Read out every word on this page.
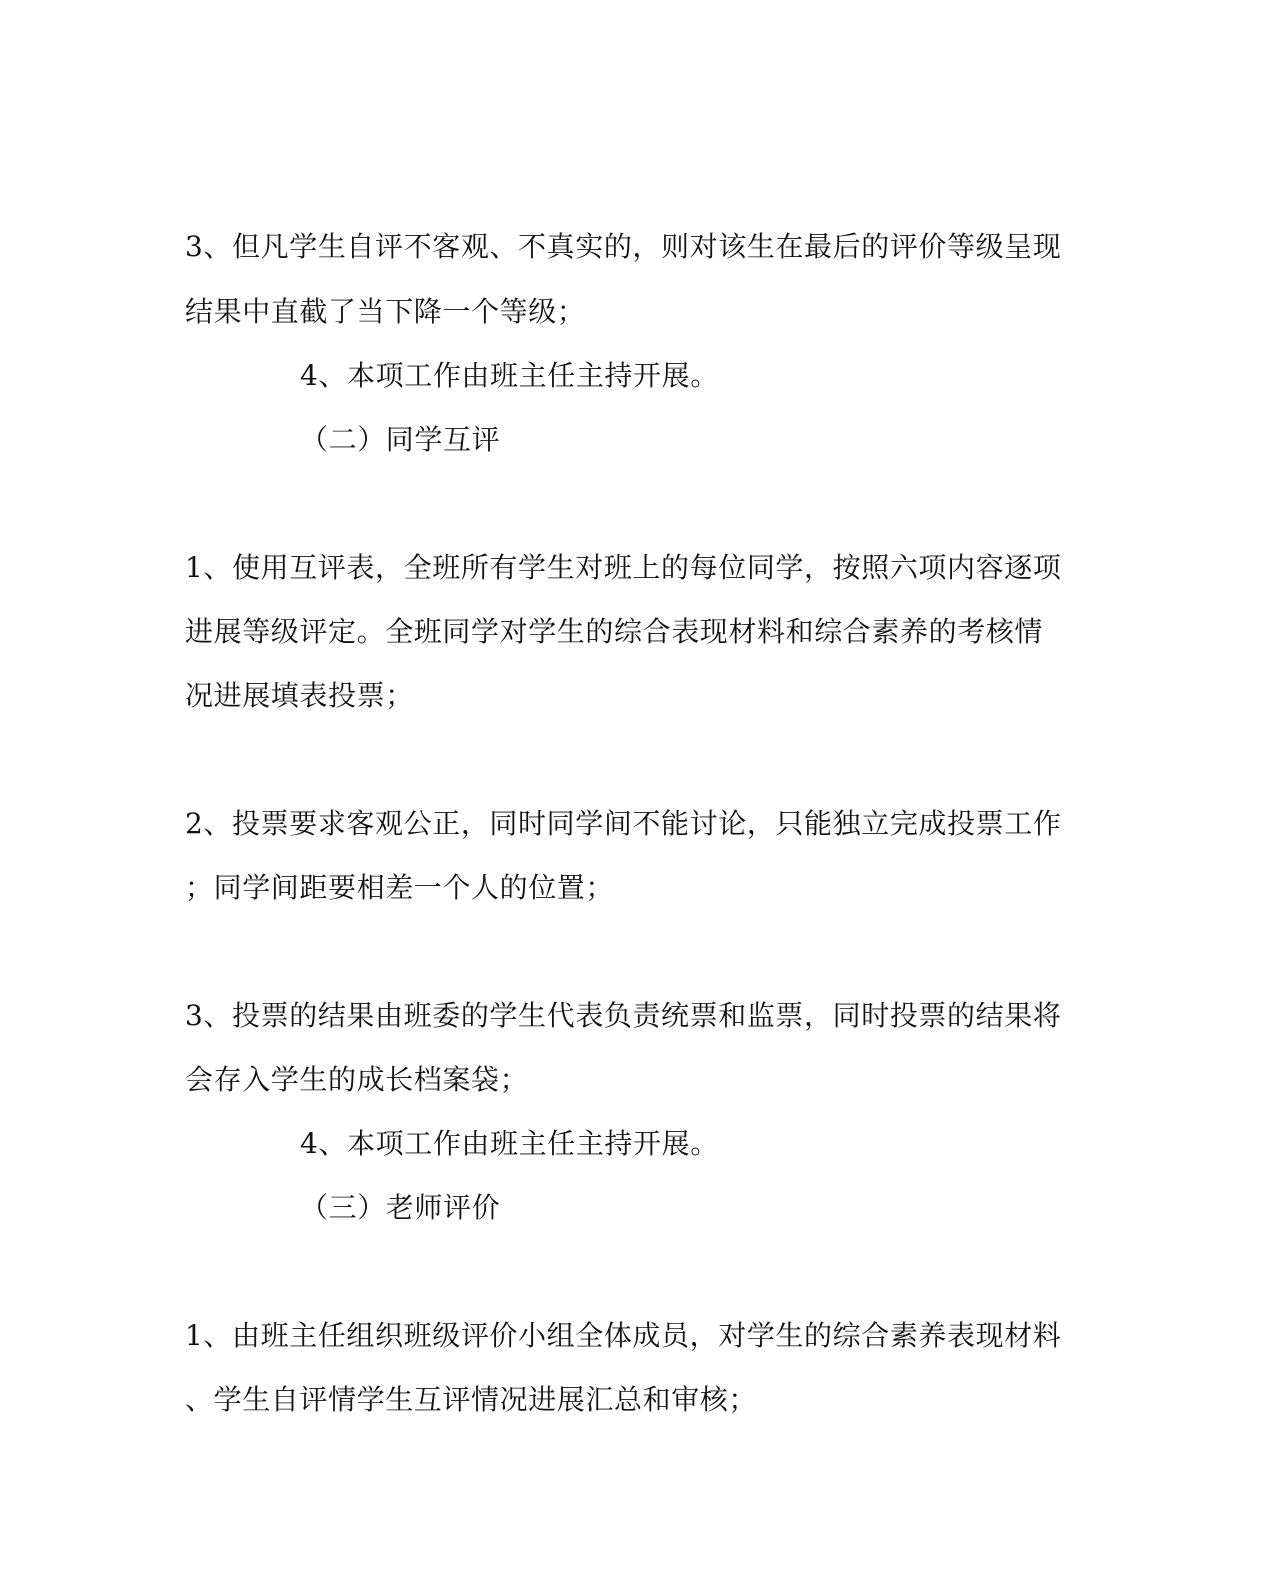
3、但凡学生自评不客观、不真实的，则对该生在最后的评价等级呈现
结果中直截了当下降一个等级；
4、本项工作由班主任主持开展。
（二）同学互评
1、使用互评表，全班所有学生对班上的每位同学，按照六项内容逐项
进展等级评定。全班同学对学生的综合表现材料和综合素养的考核情
况进展填表投票；
2、投票要求客观公正，同时同学间不能讨论，只能独立完成投票工作
；同学间距要相差一个人的位置；
3、投票的结果由班委的学生代表负责统票和监票，同时投票的结果将
会存入学生的成长档案袋；
4、本项工作由班主任主持开展。
（三）老师评价
1、由班主任组织班级评价小组全体成员，对学生的综合素养表现材料
、学生自评情学生互评情况进展汇总和审核；
